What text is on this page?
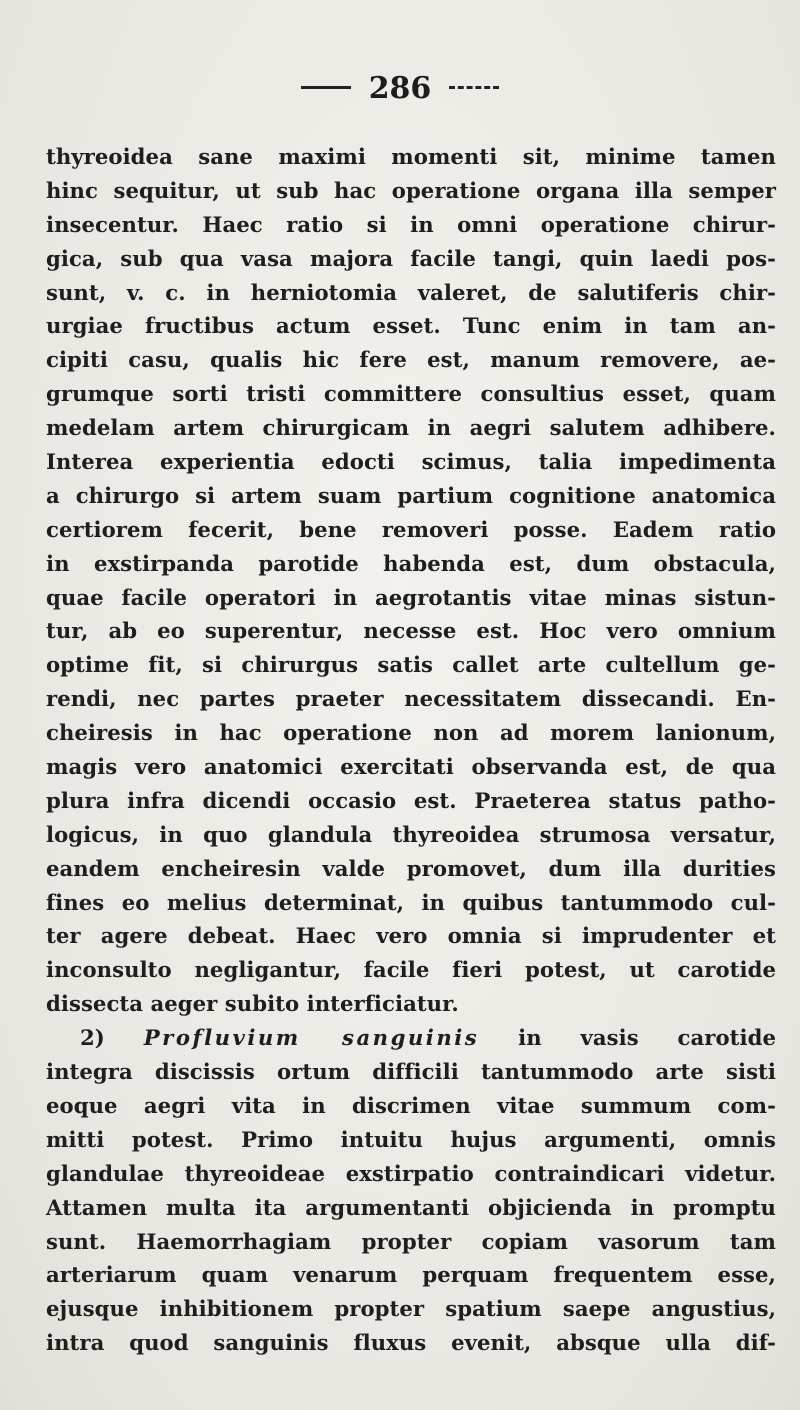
286
thyreoidea sane maximi momenti sit, minime tamen
hinc sequitur, ut sub hac operatione organa illa semper
insecentur. Haec ratio si in omni operatione chirur-
gica, sub qua vasa majora facile tangi, quin laedi pos-
sunt, v. c. in herniotomia valeret, de salutiferis chir-
urgiae fructibus actum esset. Tunc enim in tam an-
cipiti casu, qualis hic fere est, manum removere, ae-
grumque sorti tristi committere consultius esset, quam
medelam artem chirurgicam in aegri salutem adhibere.
Interea experientia edocti scimus, talia impedimenta
a chirurgo si artem suam partium cognitione anatomica
certiorem fecerit, bene removeri posse. Eadem ratio
in exstirpanda parotide habenda est, dum obstacula,
quae facile operatori in aegrotantis vitae minas sistun-
tur, ab eo superentur, necesse est. Hoc vero omnium
optime fit, si chirurgus satis callet arte cultellum ge-
rendi, nec partes praeter necessitatem dissecandi. En-
cheiresis in hac operatione non ad morem lanionum,
magis vero anatomici exercitati observanda est, de qua
plura infra dicendi occasio est. Praeterea status patho-
logicus, in quo glandula thyreoidea strumosa versatur,
eandem encheiresin valde promovet, dum illa durities
fines eo melius determinat, in quibus tantummodo cul-
ter agere debeat. Haec vero omnia si imprudenter et
inconsulto negligantur, facile fieri potest, ut carotide
dissecta aeger subito interficiatur.
2) Profluvium sanguinis in vasis carotide
integra discissis ortum difficili tantummodo arte sisti
eoque aegri vita in discrimen vitae summum com-
mitti potest. Primo intuitu hujus argumenti, omnis
glandulae thyreoideae exstirpatio contraindicari videtur.
Attamen multa ita argumentanti objicienda in promptu
sunt. Haemorrhagiam propter copiam vasorum tam
arteriarum quam venarum perquam frequentem esse,
ejusque inhibitionem propter spatium saepe angustius,
intra quod sanguinis fluxus evenit, absque ulla dif-
